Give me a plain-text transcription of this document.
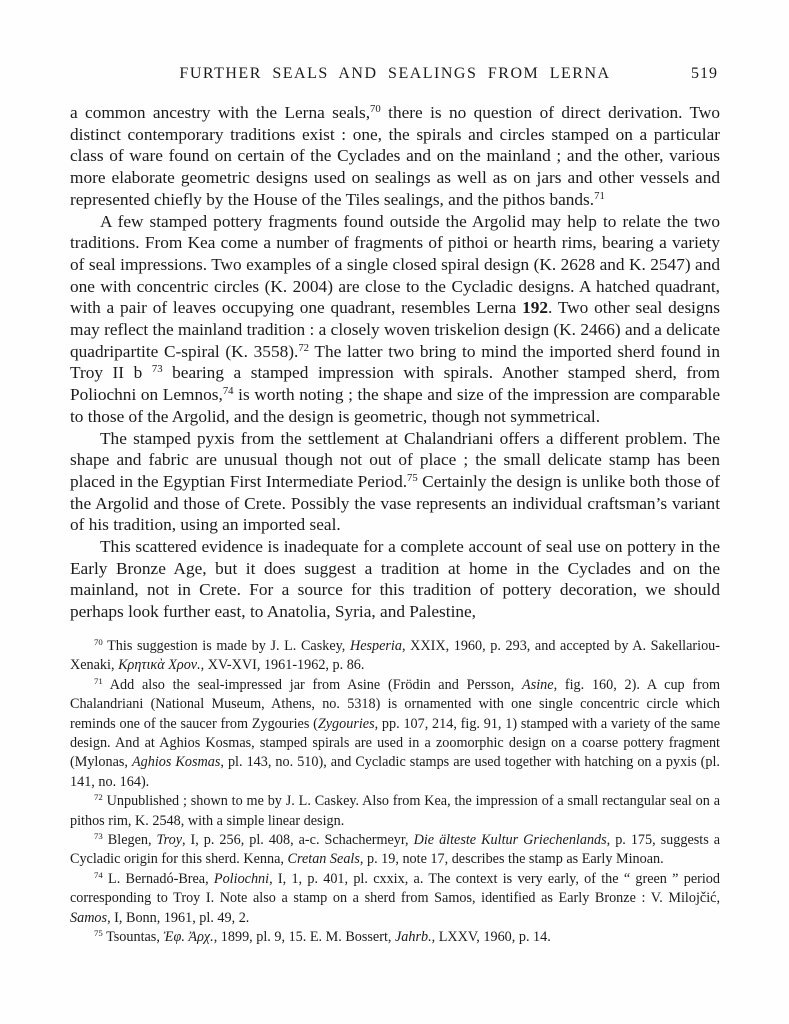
FURTHER SEALS AND SEALINGS FROM LERNA	519

a common ancestry with the Lerna seals,$^{70}$ there is no question of direct derivation. Two distinct contemporary traditions exist : one, the spirals and circles stamped on a particular class of ware found on certain of the Cyclades and on the mainland ; and the other, various more elaborate geometric designs used on sealings as well as on jars and other vessels and represented chiefly by the House of the Tiles sealings, and the pithos bands.$^{71}$

A few stamped pottery fragments found outside the Argolid may help to relate the two traditions. From Kea come a number of fragments of pithoi or hearth rims, bearing a variety of seal impressions. Two examples of a single closed spiral design (K. 2628 and K. 2547) and one with concentric circles (K. 2004) are close to the Cycladic designs. A hatched quadrant, with a pair of leaves occupying one quadrant, resembles Lerna 192. Two other seal designs may reflect the mainland tradition : a closely woven triskelion design (K. 2466) and a delicate quadripartite C-spiral (K. 3558).$^{72}$ The latter two bring to mind the imported sherd found in Troy II b $^{73}$ bearing a stamped impression with spirals. Another stamped sherd, from Poliochni on Lemnos,$^{74}$ is worth noting ; the shape and size of the impression are comparable to those of the Argolid, and the design is geometric, though not symmetrical.

The stamped pyxis from the settlement at Chalandriani offers a different problem. The shape and fabric are unusual though not out of place ; the small delicate stamp has been placed in the Egyptian First Intermediate Period.$^{75}$ Certainly the design is unlike both those of the Argolid and those of Crete. Possibly the vase represents an individual craftsman’s variant of his tradition, using an imported seal.

This scattered evidence is inadequate for a complete account of seal use on pottery in the Early Bronze Age, but it does suggest a tradition at home in the Cyclades and on the mainland, not in Crete. For a source for this tradition of pottery decoration, we should perhaps look further east, to Anatolia, Syria, and Palestine,

$^{70}$ This suggestion is made by J. L. Caskey, Hesperia, XXIX, 1960, p. 293, and accepted by A. Sakellariou-Xenaki, Κρητικὰ Χρον., XV-XVI, 1961-1962, p. 86.

$^{71}$ Add also the seal-impressed jar from Asine (Frödin and Persson, Asine, fig. 160, 2). A cup from Chalandriani (National Museum, Athens, no. 5318) is ornamented with one single concentric circle which reminds one of the saucer from Zygouries (Zygouries, pp. 107, 214, fig. 91, 1) stamped with a variety of the same design. And at Aghios Kosmas, stamped spirals are used in a zoomorphic design on a coarse pottery fragment (Mylonas, Aghios Kosmas, pl. 143, no. 510), and Cycladic stamps are used together with hatching on a pyxis (pl. 141, no. 164).

$^{72}$ Unpublished ; shown to me by J. L. Caskey. Also from Kea, the impression of a small rectangular seal on a pithos rim, K. 2548, with a simple linear design.

$^{73}$ Blegen, Troy, I, p. 256, pl. 408, a-c. Schachermeyr, Die älteste Kultur Griechenlands, p. 175, suggests a Cycladic origin for this sherd. Kenna, Cretan Seals, p. 19, note 17, describes the stamp as Early Minoan.

$^{74}$ L. Bernadó-Brea, Poliochni, I, 1, p. 401, pl. cxxix, a. The context is very early, of the “ green ” period corresponding to Troy I. Note also a stamp on a sherd from Samos, identified as Early Bronze : V. Milojčić, Samos, I, Bonn, 1961, pl. 49, 2.

$^{75}$ Tsountas, Ἐφ. Ἀρχ., 1899, pl. 9, 15. E. M. Bossert, Jahrb., LXXV, 1960, p. 14.
